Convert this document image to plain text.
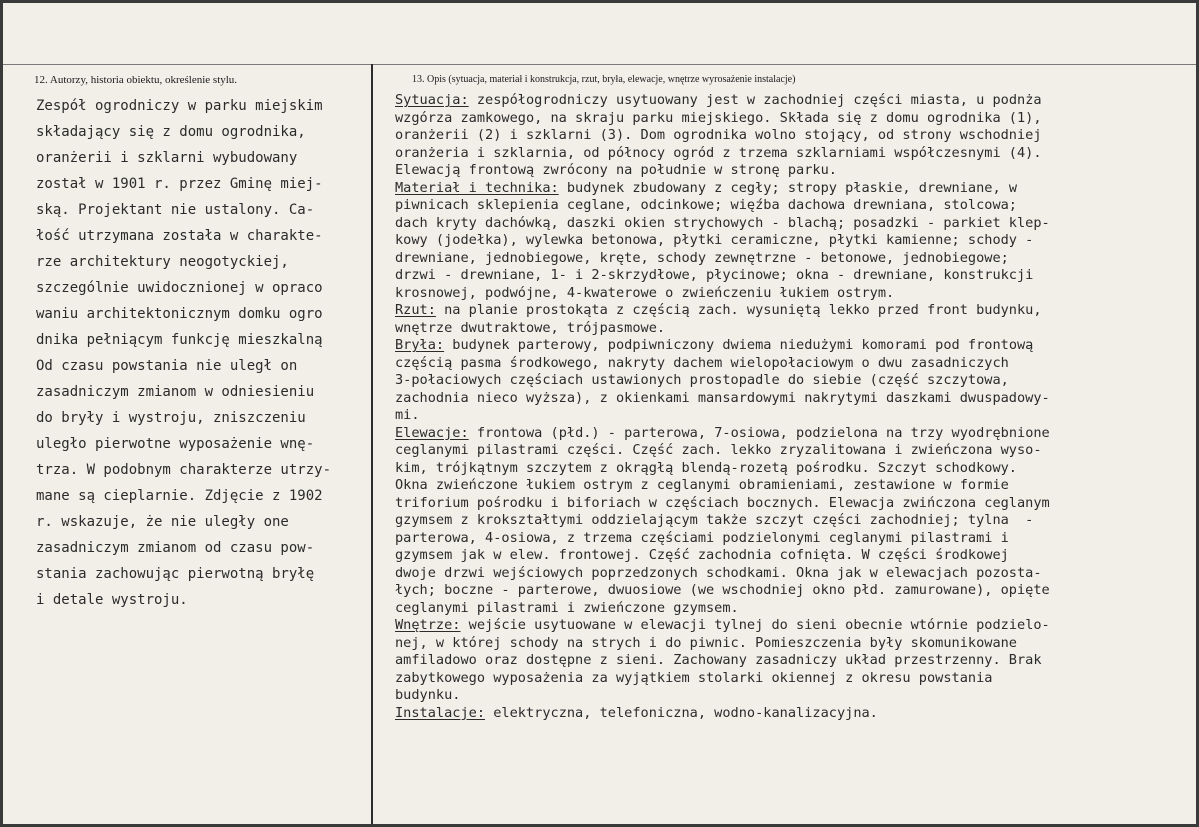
12. Autorzy, historia obiektu, określenie stylu.	13. Opis (sytuacja, materiał i konstrukcja, rzut, bryła, elewacje, wnętrze wyrosażenie instalacje)
Zespół ogrodniczy w parku miejskim
składający się z domu ogrodnika,
oranżerii i szklarni wybudowany
został w 1901 r. przez Gminę miej-
ską. Projektant nie ustalony. Ca-
łość utrzymana została w charakte-
rze architektury neogotyckiej,
szczególnie uwidocznionej w opraco
waniu architektonicznym domku ogro
dnika pełniącym funkcję mieszkalną
Od czasu powstania nie uległ on
zasadniczym zmianom w odniesieniu
do bryły i wystroju, zniszczeniu
uległo pierwotne wyposażenie wnę-
trza. W podobnym charakterze utrzy-
mane są cieplarnie. Zdjęcie z 1902
r. wskazuje, że nie uległy one
zasadniczym zmianom od czasu pow-
stania zachowując pierwotną bryłę
i detale wystroju.
Sytuacja: zespółogrodniczy usytuowany jest w zachodniej części miasta, u podnża
wzgórza zamkowego, na skraju parku miejskiego. Składa się z domu ogrodnika (1),
oranżerii (2) i szklarni (3). Dom ogrodnika wolno stojący, od strony wschodniej
oranżeria i szklarnia, od północy ogród z trzema szklarniami współczesnymi (4).
Elewacją frontową zwrócony na południe w stronę parku.
Materiał i technika: budynek zbudowany z cegły; stropy płaskie, drewniane, w
piwnicach sklepienia ceglane, odcinkowe; więźba dachowa drewniana, stolcowa;
dach kryty dachówką, daszki okien strychowych - blachą; posadzki - parkiet klep-
kowy (jodełka), wylewka betonowa, płytki ceramiczne, płytki kamienne; schody -
drewniane, jednobiegowe, kręte, schody zewnętrzne - betonowe, jednobiegowe;
drzwi - drewniane, 1- i 2-skrzydłowe, płycinowe; okna - drewniane, konstrukcji
krosnowej, podwójne, 4-kwaterowe o zwieńczeniu łukiem ostrym.
Rzut: na planie prostokąta z częścią zach. wysuniętą lekko przed front budynku,
wnętrze dwutraktowe, trójpasmowe.
Bryła: budynek parterowy, podpiwniczony dwiema niedużymi komorami pod frontową
częścią pasma środkowego, nakryty dachem wielopołaciowym o dwu zasadniczych
3-połaciowych częściach ustawionych prostopadle do siebie (część szczytowa,
zachodnia nieco wyższa), z okienkami mansardowymi nakrytymi daszkami dwuspadowy-
mi.
Elewacje: frontowa (płd.) - parterowa, 7-osiowa, podzielona na trzy wyodrębnione
ceglanymi pilastrami części. Część zach. lekko zryzalitowana i zwieńczona wyso-
kim, trójkątnym szczytem z okrągłą blendą-rozetą pośrodku. Szczyt schodkowy.
Okna zwieńczone łukiem ostrym z ceglanymi obramieniami, zestawione w formie
triforium pośrodku i biforiach w częściach bocznych. Elewacja zwińczona ceglanym
gzymsem z krokształtymi oddzielającym także szczyt części zachodniej; tylna  -
parterowa, 4-osiowa, z trzema częściami podzielonymi ceglanymi pilastrami i
gzymsem jak w elew. frontowej. Część zachodnia cofnięta. W części środkowej
dwoje drzwi wejściowych poprzedzonych schodkami. Okna jak w elewacjach pozosta-
łych; boczne - parterowe, dwuosiowe (we wschodniej okno płd. zamurowane), opięte
ceglanymi pilastrami i zwieńczone gzymsem.
Wnętrze: wejście usytuowane w elewacji tylnej do sieni obecnie wtórnie podzielo-
nej, w której schody na strych i do piwnic. Pomieszczenia były skomunikowane
amfiladowo oraz dostępne z sieni. Zachowany zasadniczy układ przestrzenny. Brak
zabytkowego wyposażenia za wyjątkiem stolarki okiennej z okresu powstania
budynku.
Instalacje: elektryczna, telefoniczna, wodno-kanalizacyjna.
